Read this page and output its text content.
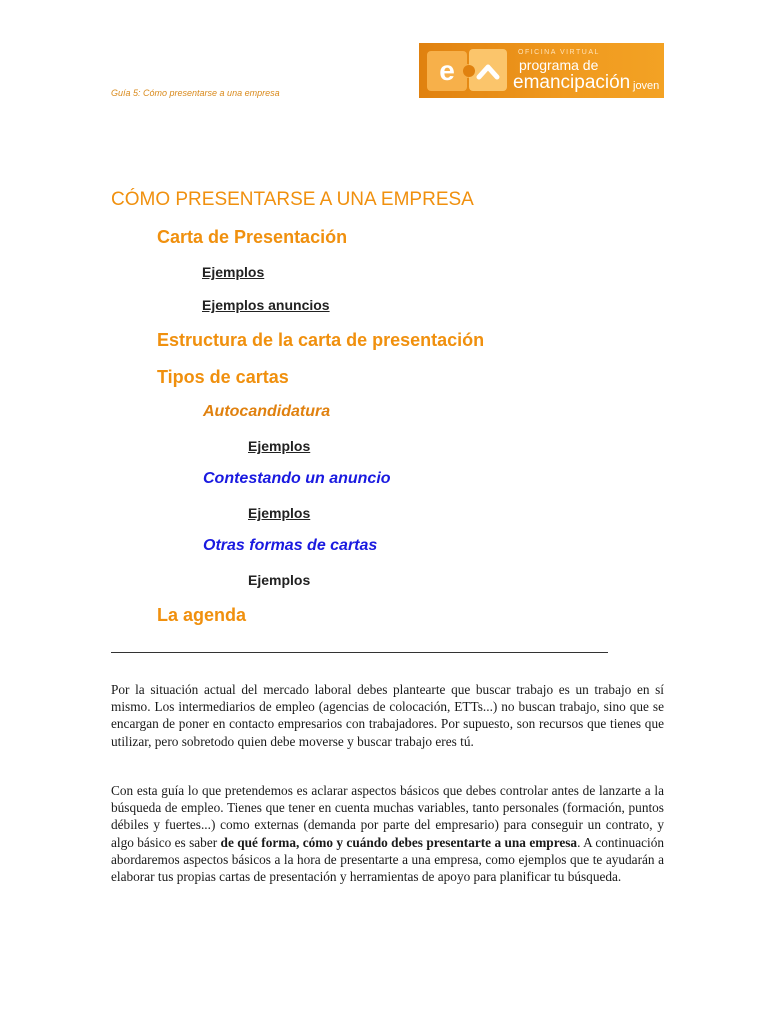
Guía 5: Cómo presentarse a una empresa
e
OFICINA VIRTUAL
programa de
emancipación joven
CÓMO PRESENTARSE A UNA EMPRESA
Carta de Presentación
Ejemplos
Ejemplos anuncios
Estructura de la carta de presentación
Tipos de cartas
Autocandidatura
Ejemplos
Contestando un anuncio
Ejemplos
Otras formas de cartas
Ejemplos
La agenda

Por la situación actual del mercado laboral debes plantearte que buscar trabajo es un trabajo en sí mismo. Los intermediarios de empleo (agencias de colocación, ETTs...) no buscan trabajo, sino que se encargan de poner en contacto empresarios con trabajadores. Por supuesto, son recursos que tienes que utilizar, pero sobretodo quien debe moverse y buscar trabajo eres tú.

Con esta guía lo que pretendemos es aclarar aspectos básicos que debes controlar antes de lanzarte a la búsqueda de empleo. Tienes que tener en cuenta muchas variables, tanto personales (formación, puntos débiles y fuertes...) como externas (demanda por parte del empresario) para conseguir un contrato, y algo básico es saber de qué forma, cómo y cuándo debes presentarte a una empresa. A continuación abordaremos aspectos básicos a la hora de presentarte a una empresa, como ejemplos que te ayudarán a elaborar tus propias cartas de presentación y herramientas de apoyo para planificar tu búsqueda.
